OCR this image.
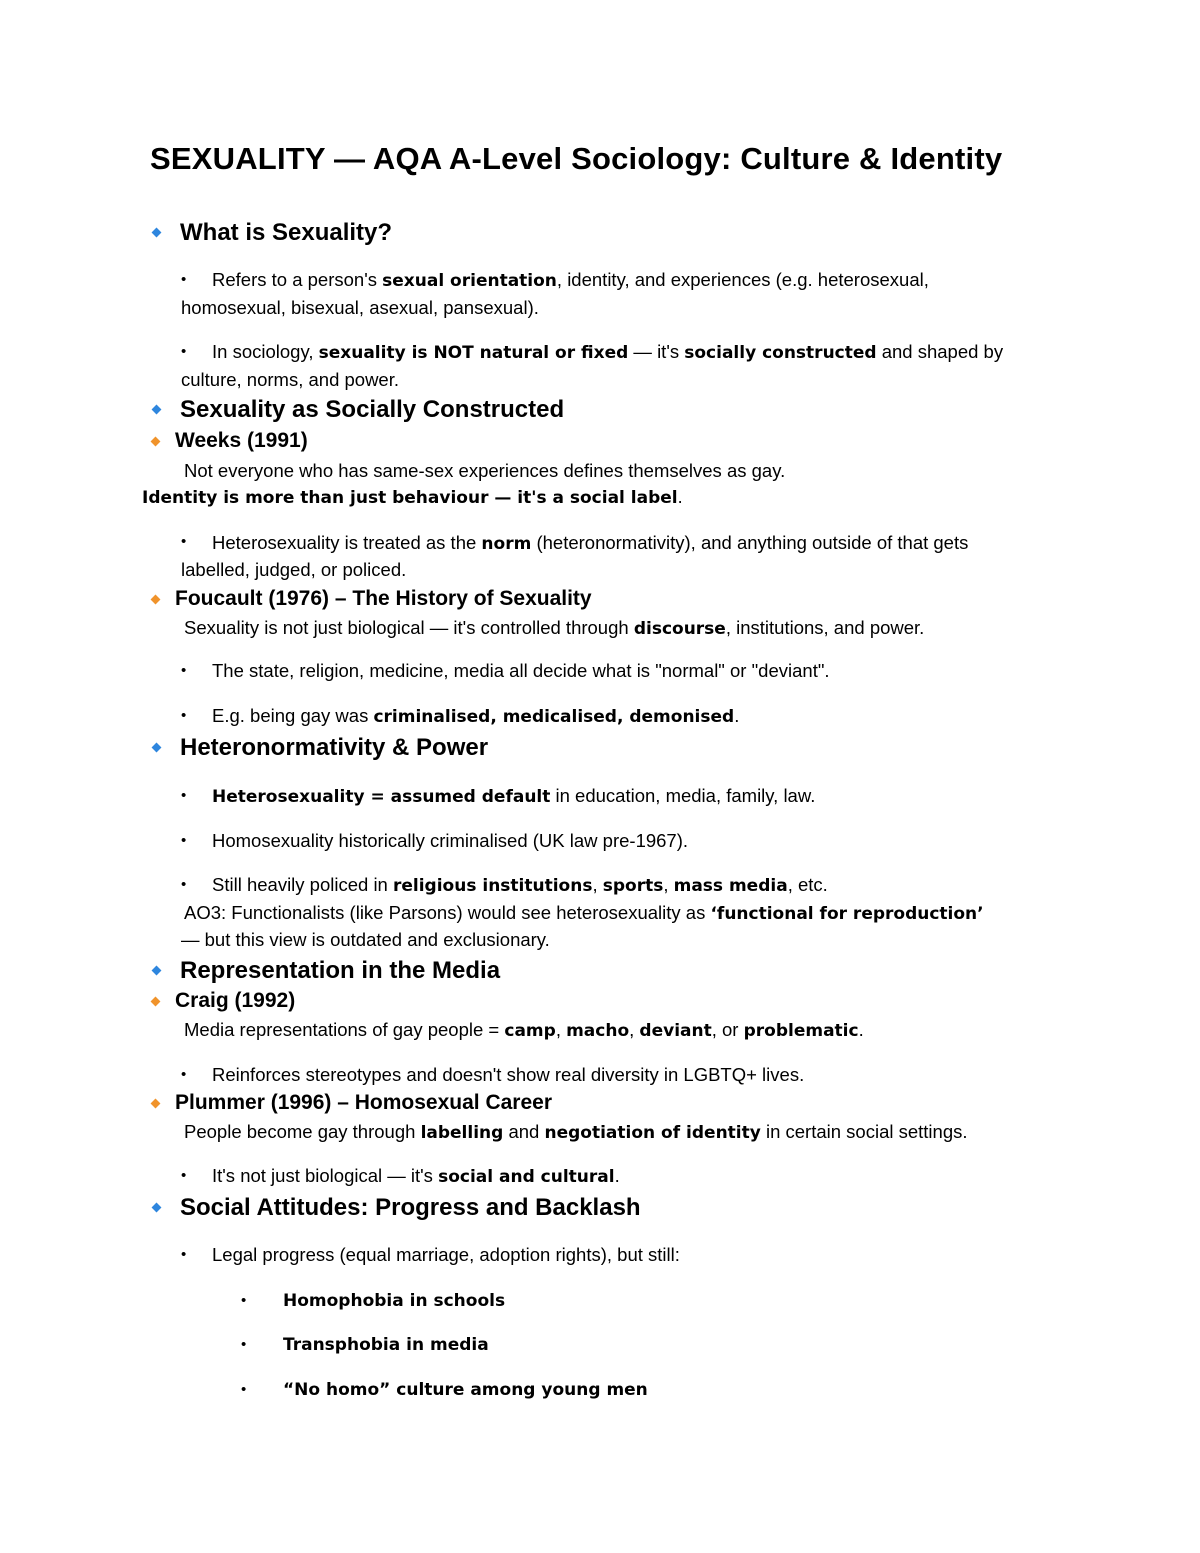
SEXUALITY — AQA A-Level Sociology: Culture & Identity
What is Sexuality?
• Refers to a person's sexual orientation, identity, and experiences (e.g. heterosexual,
homosexual, bisexual, asexual, pansexual).
• In sociology, sexuality is NOT natural or fixed — it's socially constructed and shaped by
culture, norms, and power.
Sexuality as Socially Constructed
Weeks (1991)
Not everyone who has same-sex experiences defines themselves as gay.
Identity is more than just behaviour — it's a social label.
• Heterosexuality is treated as the norm (heteronormativity), and anything outside of that gets
labelled, judged, or policed.
Foucault (1976) – The History of Sexuality
Sexuality is not just biological — it's controlled through discourse, institutions, and power.
• The state, religion, medicine, media all decide what is "normal" or "deviant".
• E.g. being gay was criminalised, medicalised, demonised.
Heteronormativity & Power
• Heterosexuality = assumed default in education, media, family, law.
• Homosexuality historically criminalised (UK law pre-1967).
• Still heavily policed in religious institutions, sports, mass media, etc.
AO3: Functionalists (like Parsons) would see heterosexuality as ‘functional for reproduction’
— but this view is outdated and exclusionary.
Representation in the Media
Craig (1992)
Media representations of gay people = camp, macho, deviant, or problematic.
• Reinforces stereotypes and doesn't show real diversity in LGBTQ+ lives.
Plummer (1996) – Homosexual Career
People become gay through labelling and negotiation of identity in certain social settings.
• It's not just biological — it's social and cultural.
Social Attitudes: Progress and Backlash
• Legal progress (equal marriage, adoption rights), but still:
• Homophobia in schools
• Transphobia in media
• “No homo” culture among young men
